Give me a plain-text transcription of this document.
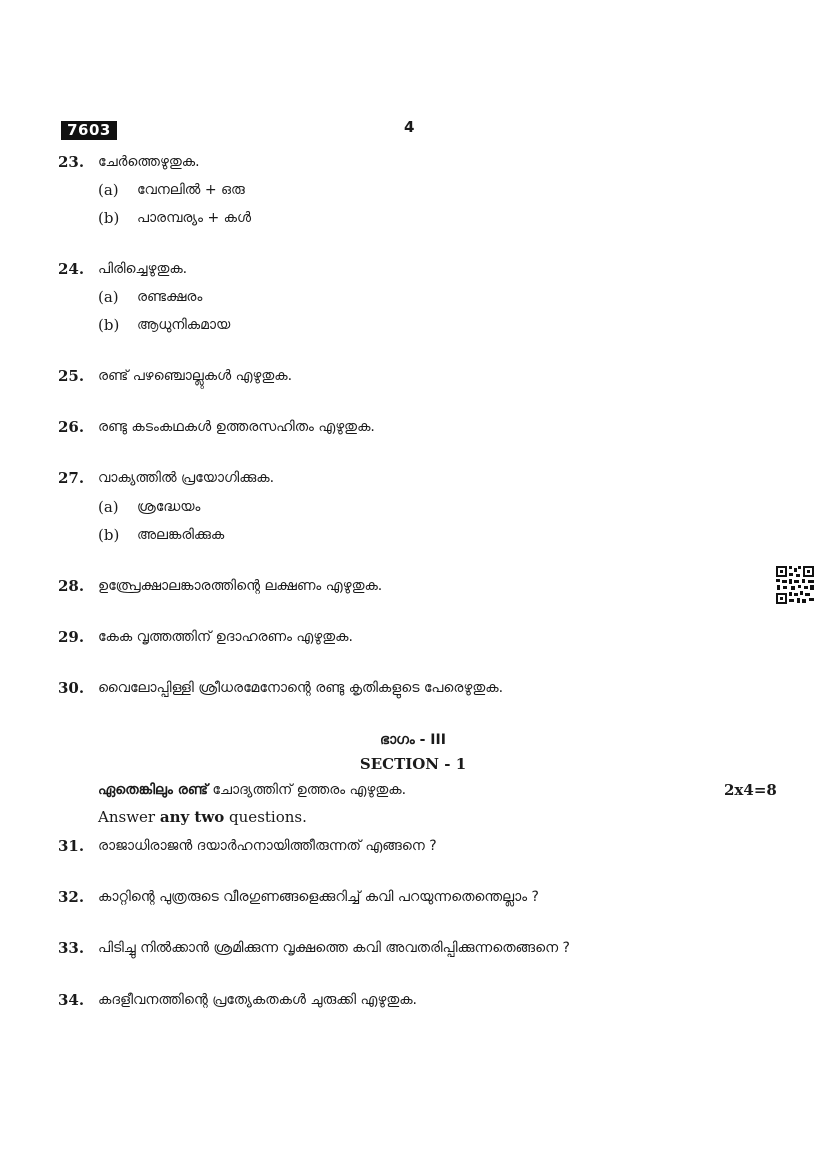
7603	4
23. ചേർത്തെഴുതുക.
(a) വേനലിൽ + ഒരു
(b) പാരമ്പര്യം + കൾ
24. പിരിച്ചെഴുതുക.
(a) രണ്ടക്ഷരം
(b) ആധുനികമായ
25. രണ്ട് പഴഞ്ചൊല്ലുകൾ എഴുതുക.
26. രണ്ടു കടംകഥകൾ ഉത്തരസഹിതം എഴുതുക.
27. വാക്യത്തിൽ പ്രയോഗിക്കുക.
(a) ശ്രദ്ധേയം
(b) അലങ്കരിക്കുക
28. ഉത്പ്രേക്ഷാലങ്കാരത്തിന്റെ ലക്ഷണം എഴുതുക.
29. കേക വൃത്തത്തിന് ഉദാഹരണം എഴുതുക.
30. വൈലോപ്പിള്ളി ശ്രീധരമേനോന്റെ രണ്ടു കൃതികളുടെ പേരെഴുതുക.
ഭാഗം - III
SECTION - 1
ഏതെങ്കിലും രണ്ട് ചോദ്യത്തിന് ഉത്തരം എഴുതുക.	2x4=8
Answer any two questions.
31. രാജാധിരാജൻ ദയാർഹനായിത്തീരുന്നത് എങ്ങനെ ?
32. കാറ്റിന്റെ പുത്രരുടെ വീരഗുണങ്ങളെക്കുറിച്ച് കവി പറയുന്നതെന്തെല്ലാം ?
33. പിടിച്ചു നിൽക്കാൻ ശ്രമിക്കുന്ന വൃക്ഷത്തെ കവി അവതരിപ്പിക്കുന്നതെങ്ങനെ ?
34. കദളീവനത്തിന്റെ പ്രത്യേകതകൾ ചുരുക്കി എഴുതുക.
